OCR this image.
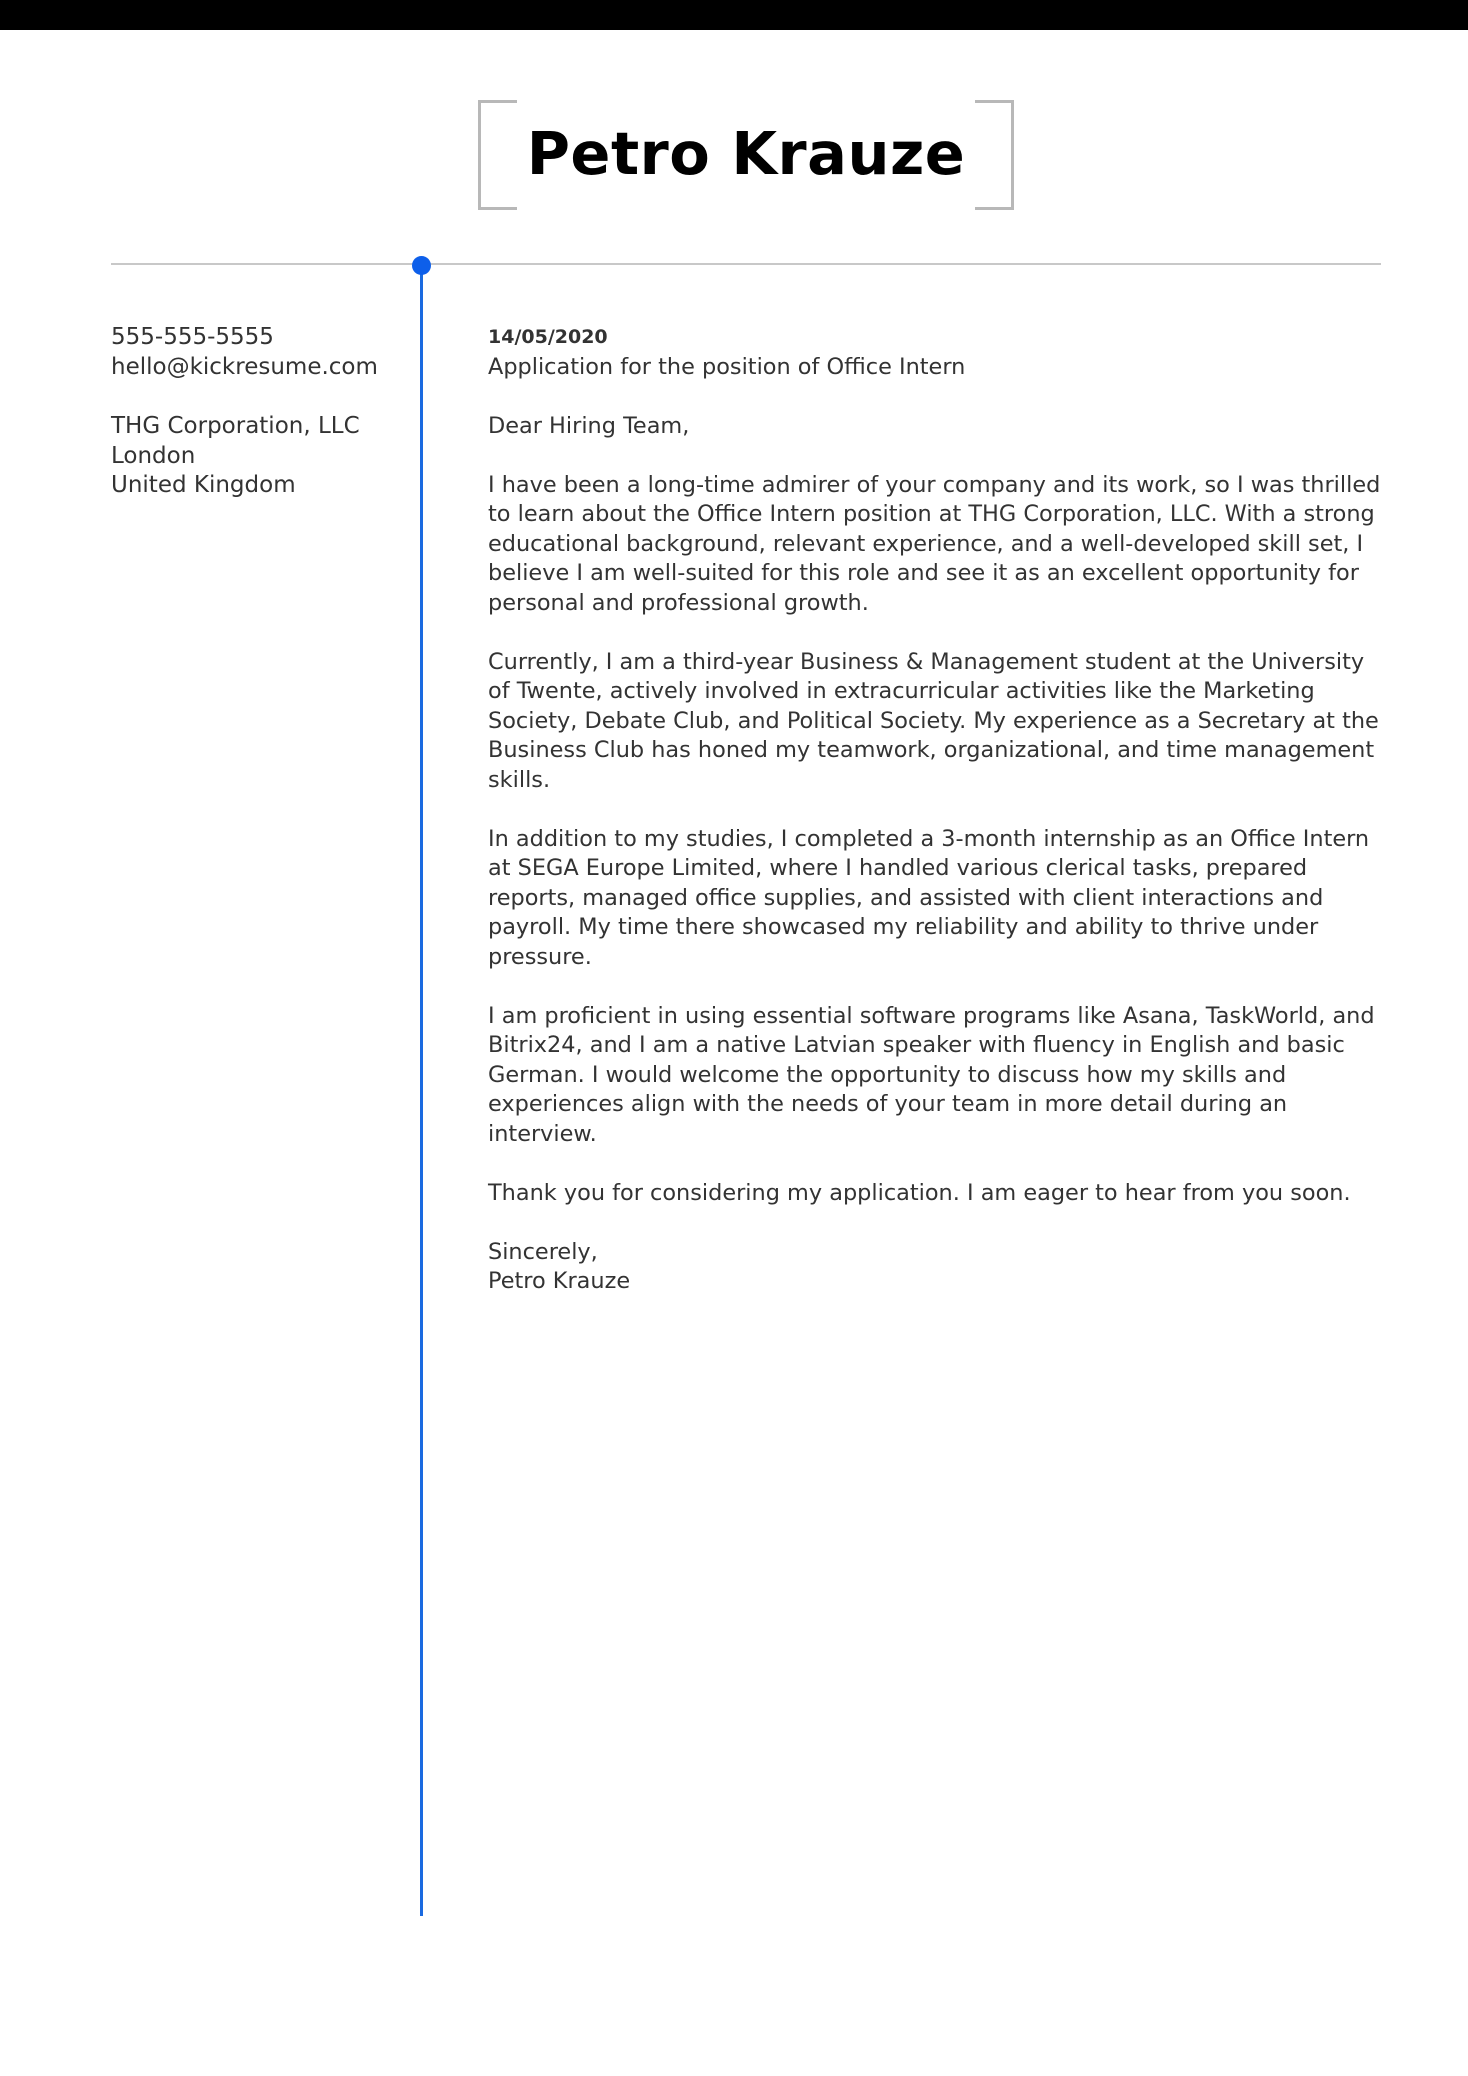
Petro Krauze
555-555-5555
hello@kickresume.com
THG Corporation, LLC
London
United Kingdom
14/05/2020

Application for the position of Office Intern

Dear Hiring Team,

I have been a long-time admirer of your company and its work, so I was thrilled to learn about the Office Intern position at THG Corporation, LLC. With a strong educational background, relevant experience, and a well-developed skill set, I believe I am well-suited for this role and see it as an excellent opportunity for personal and professional growth.

Currently, I am a third-year Business & Management student at the University of Twente, actively involved in extracurricular activities like the Marketing Society, Debate Club, and Political Society. My experience as a Secretary at the Business Club has honed my teamwork, organizational, and time management skills.

In addition to my studies, I completed a 3-month internship as an Office Intern at SEGA Europe Limited, where I handled various clerical tasks, prepared reports, managed office supplies, and assisted with client interactions and payroll. My time there showcased my reliability and ability to thrive under pressure.

I am proficient in using essential software programs like Asana, TaskWorld, and Bitrix24, and I am a native Latvian speaker with fluency in English and basic German. I would welcome the opportunity to discuss how my skills and experiences align with the needs of your team in more detail during an interview.

Thank you for considering my application. I am eager to hear from you soon.

Sincerely,

Petro Krauze
